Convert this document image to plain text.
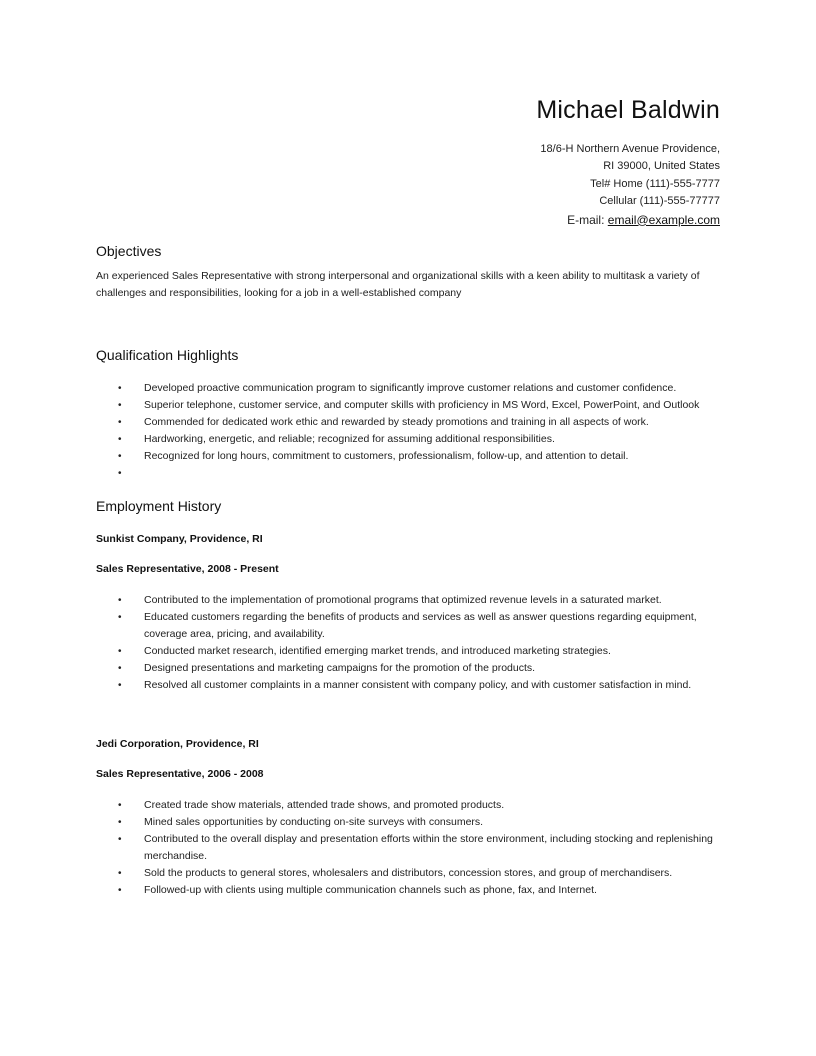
Michael Baldwin
18/6-H Northern Avenue Providence,
RI 39000, United States
Tel# Home (111)-555-7777
Cellular (111)-555-77777
E-mail: email@example.com
Objectives

An experienced Sales Representative with strong interpersonal and organizational skills with a keen ability to multitask a variety of challenges and responsibilities, looking for a job in a well-established company

Qualification Highlights
• Developed proactive communication program to significantly improve customer relations and customer confidence.
• Superior telephone, customer service, and computer skills with proficiency in MS Word, Excel, PowerPoint, and Outlook
• Commended for dedicated work ethic and rewarded by steady promotions and training in all aspects of work.
• Hardworking, energetic, and reliable; recognized for assuming additional responsibilities.
• Recognized for long hours, commitment to customers, professionalism, follow-up, and attention to detail.
•
Employment History

Sunkist Company, Providence, RI

Sales Representative, 2008 - Present

• Contributed to the implementation of promotional programs that optimized revenue levels in a saturated market.
• Educated customers regarding the benefits of products and services as well as answer questions regarding equipment, coverage area, pricing, and availability.
• Conducted market research, identified emerging market trends, and introduced marketing strategies.
• Designed presentations and marketing campaigns for the promotion of the products.
• Resolved all customer complaints in a manner consistent with company policy, and with customer satisfaction in mind.

Jedi Corporation, Providence, RI

Sales Representative, 2006 - 2008

• Created trade show materials, attended trade shows, and promoted products.
• Mined sales opportunities by conducting on-site surveys with consumers.
• Contributed to the overall display and presentation efforts within the store environment, including stocking and replenishing merchandise.
• Sold the products to general stores, wholesalers and distributors, concession stores, and group of merchandisers.
• Followed-up with clients using multiple communication channels such as phone, fax, and Internet.
